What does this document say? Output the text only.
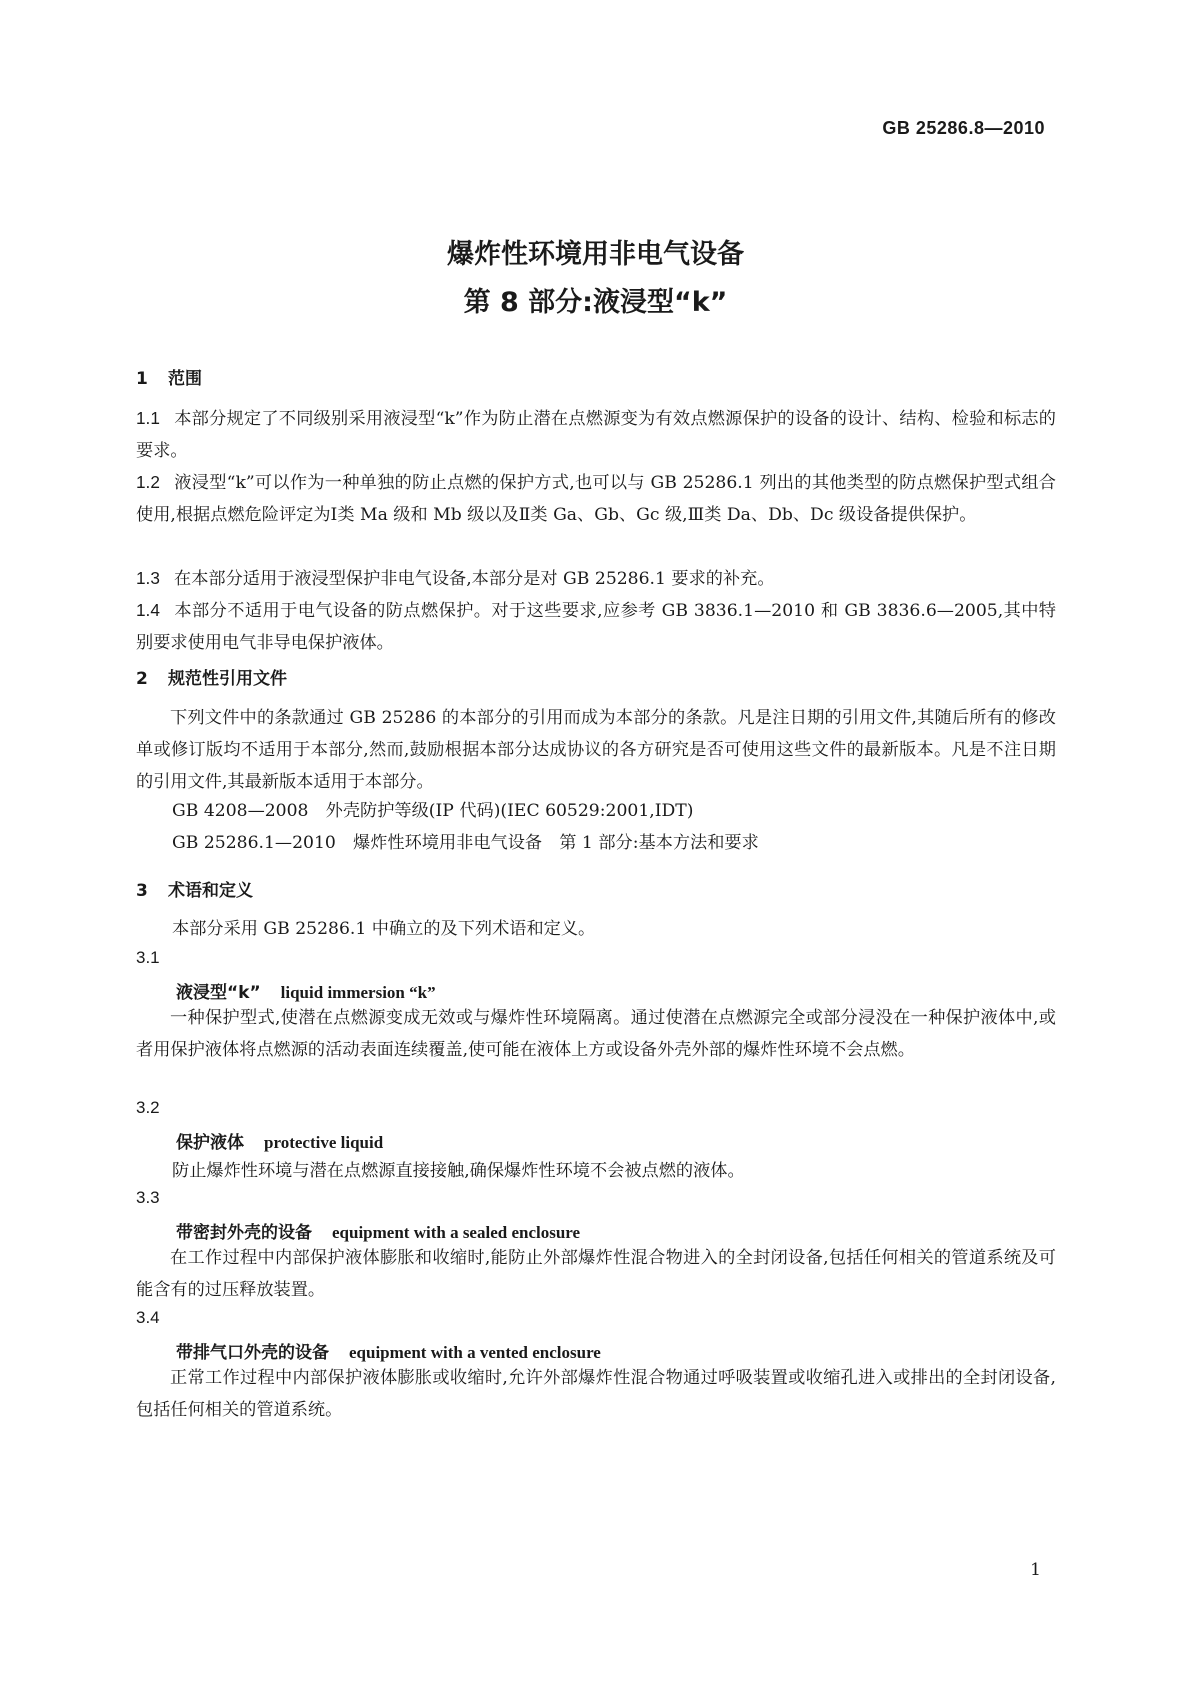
GB 25286.8—2010
爆炸性环境用非电气设备
第 8 部分:液浸型“k”
1 范围
1.1 本部分规定了不同级别采用液浸型“k”作为防止潜在点燃源变为有效点燃源保护的设备的设计、结构、检验和标志的要求。
1.2 液浸型“k”可以作为一种单独的防止点燃的保护方式,也可以与 GB 25286.1 列出的其他类型的防点燃保护型式组合使用,根据点燃危险评定为Ⅰ类 Ma 级和 Mb 级以及Ⅱ类 Ga、Gb、Gc 级,Ⅲ类 Da、Db、Dc 级设备提供保护。
1.3 在本部分适用于液浸型保护非电气设备,本部分是对 GB 25286.1 要求的补充。
1.4 本部分不适用于电气设备的防点燃保护。对于这些要求,应参考 GB 3836.1—2010 和 GB 3836.6—2005,其中特别要求使用电气非导电保护液体。
2 规范性引用文件
下列文件中的条款通过 GB 25286 的本部分的引用而成为本部分的条款。凡是注日期的引用文件,其随后所有的修改单或修订版均不适用于本部分,然而,鼓励根据本部分达成协议的各方研究是否可使用这些文件的最新版本。凡是不注日期的引用文件,其最新版本适用于本部分。
GB 4208—2008　外壳防护等级(IP 代码)(IEC 60529:2001,IDT)
GB 25286.1—2010　爆炸性环境用非电气设备　第 1 部分:基本方法和要求
3 术语和定义
本部分采用 GB 25286.1 中确立的及下列术语和定义。
3.1
液浸型“k” liquid immersion “k”
一种保护型式,使潜在点燃源变成无效或与爆炸性环境隔离。通过使潜在点燃源完全或部分浸没在一种保护液体中,或者用保护液体将点燃源的活动表面连续覆盖,使可能在液体上方或设备外壳外部的爆炸性环境不会点燃。
3.2
保护液体 protective liquid
防止爆炸性环境与潜在点燃源直接接触,确保爆炸性环境不会被点燃的液体。
3.3
带密封外壳的设备 equipment with a sealed enclosure
在工作过程中内部保护液体膨胀和收缩时,能防止外部爆炸性混合物进入的全封闭设备,包括任何相关的管道系统及可能含有的过压释放装置。
3.4
带排气口外壳的设备 equipment with a vented enclosure
正常工作过程中内部保护液体膨胀或收缩时,允许外部爆炸性混合物通过呼吸装置或收缩孔进入或排出的全封闭设备,包括任何相关的管道系统。
1
